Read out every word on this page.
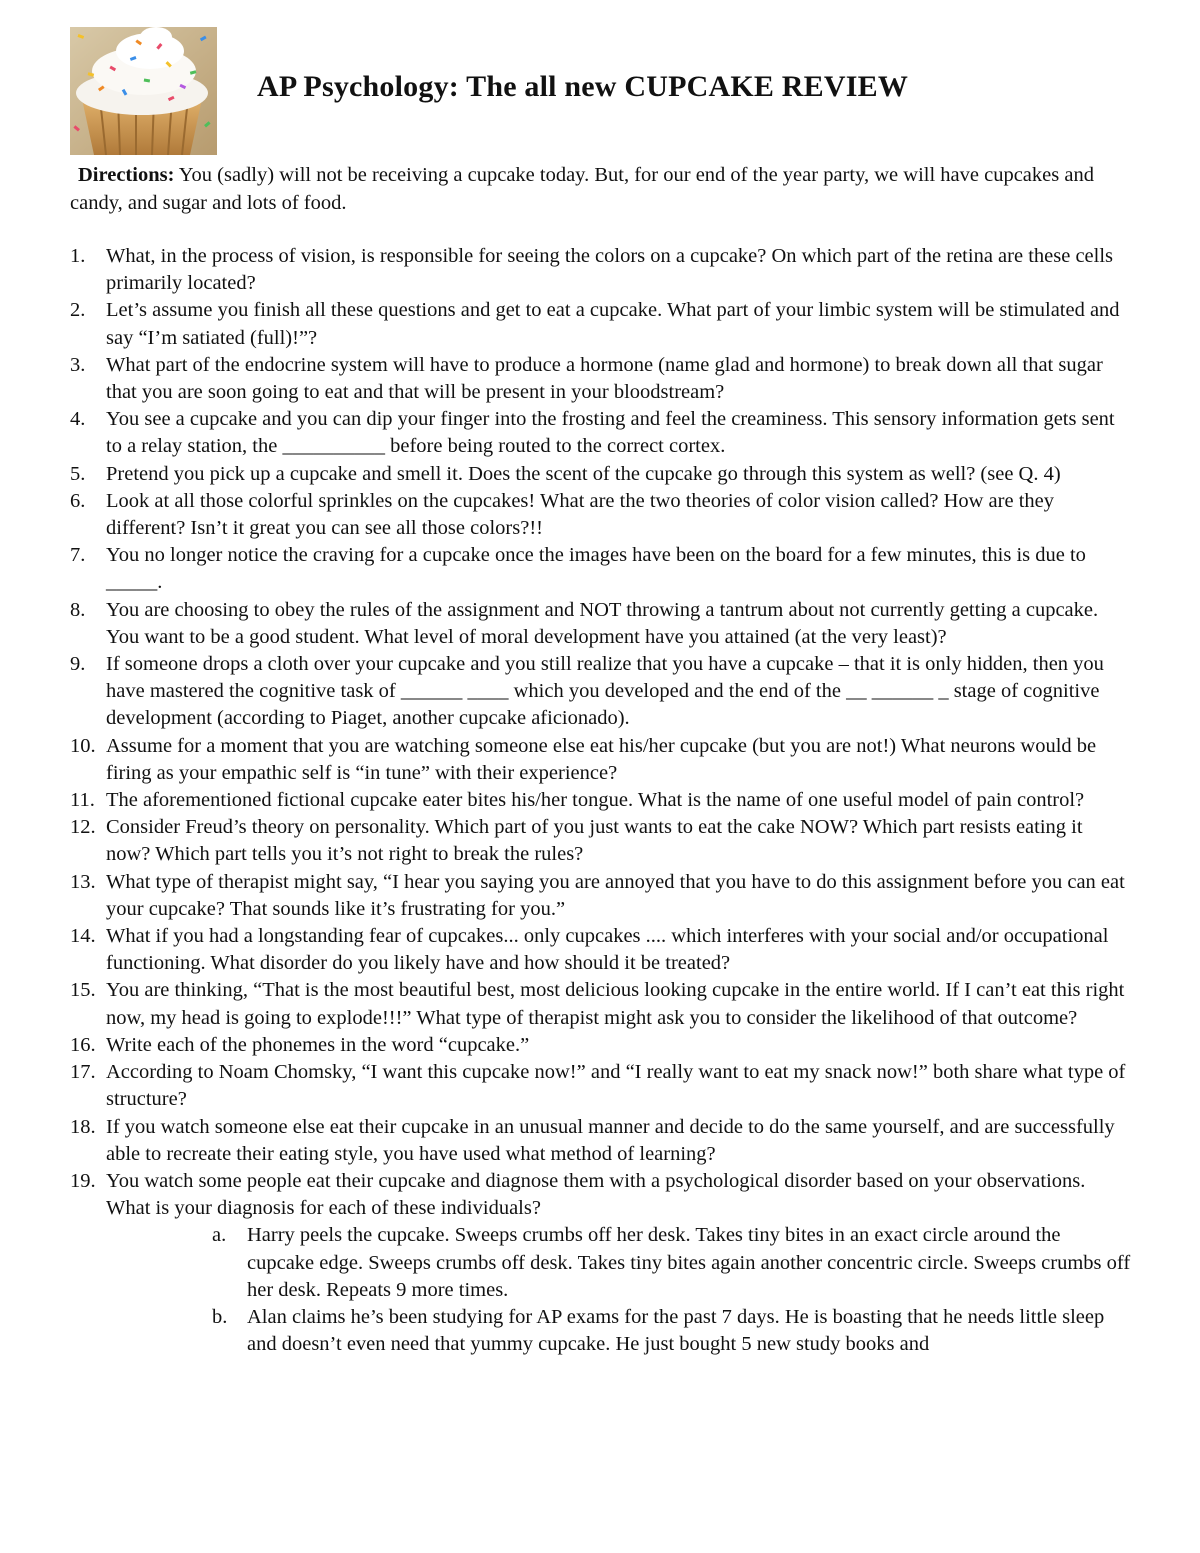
AP Psychology: The all new CUPCAKE REVIEW
Directions: You (sadly) will not be receiving a cupcake today. But, for our end of the year party, we will have cupcakes and candy, and sugar and lots of food.
1. What, in the process of vision, is responsible for seeing the colors on a cupcake? On which part of the retina are these cells primarily located?
2. Let’s assume you finish all these questions and get to eat a cupcake. What part of your limbic system will be stimulated and say “I’m satiated (full)!”?
3. What part of the endocrine system will have to produce a hormone (name glad and hormone) to break down all that sugar that you are soon going to eat and that will be present in your bloodstream?
4. You see a cupcake and you can dip your finger into the frosting and feel the creaminess. This sensory information gets sent to a relay station, the __________ before being routed to the correct cortex.
5. Pretend you pick up a cupcake and smell it. Does the scent of the cupcake go through this system as well? (see Q. 4)
6. Look at all those colorful sprinkles on the cupcakes! What are the two theories of color vision called? How are they different? Isn’t it great you can see all those colors?!!
7. You no longer notice the craving for a cupcake once the images have been on the board for a few minutes, this is due to _____.
8. You are choosing to obey the rules of the assignment and NOT throwing a tantrum about not currently getting a cupcake. You want to be a good student. What level of moral development have you attained (at the very least)?
9. If someone drops a cloth over your cupcake and you still realize that you have a cupcake – that it is only hidden, then you have mastered the cognitive task of ______ ____ which you developed and the end of the __ ______ _ stage of cognitive development (according to Piaget, another cupcake aficionado).
10. Assume for a moment that you are watching someone else eat his/her cupcake (but you are not!) What neurons would be firing as your empathic self is “in tune” with their experience?
11. The aforementioned fictional cupcake eater bites his/her tongue. What is the name of one useful model of pain control?
12. Consider Freud’s theory on personality. Which part of you just wants to eat the cake NOW? Which part resists eating it now? Which part tells you it’s not right to break the rules?
13. What type of therapist might say, “I hear you saying you are annoyed that you have to do this assignment before you can eat your cupcake? That sounds like it’s frustrating for you.”
14. What if you had a longstanding fear of cupcakes... only cupcakes .... which interferes with your social and/or occupational functioning. What disorder do you likely have and how should it be treated?
15. You are thinking, “That is the most beautiful best, most delicious looking cupcake in the entire world. If I can’t eat this right now, my head is going to explode!!!” What type of therapist might ask you to consider the likelihood of that outcome?
16. Write each of the phonemes in the word “cupcake.”
17. According to Noam Chomsky, “I want this cupcake now!” and “I really want to eat my snack now!” both share what type of structure?
18. If you watch someone else eat their cupcake in an unusual manner and decide to do the same yourself, and are successfully able to recreate their eating style, you have used what method of learning?
19. You watch some people eat their cupcake and diagnose them with a psychological disorder based on your observations. What is your diagnosis for each of these individuals?
a. Harry peels the cupcake. Sweeps crumbs off her desk. Takes tiny bites in an exact circle around the cupcake edge. Sweeps crumbs off desk. Takes tiny bites again another concentric circle. Sweeps crumbs off her desk. Repeats 9 more times.
b. Alan claims he’s been studying for AP exams for the past 7 days. He is boasting that he needs little sleep and doesn’t even need that yummy cupcake. He just bought 5 new study books and
